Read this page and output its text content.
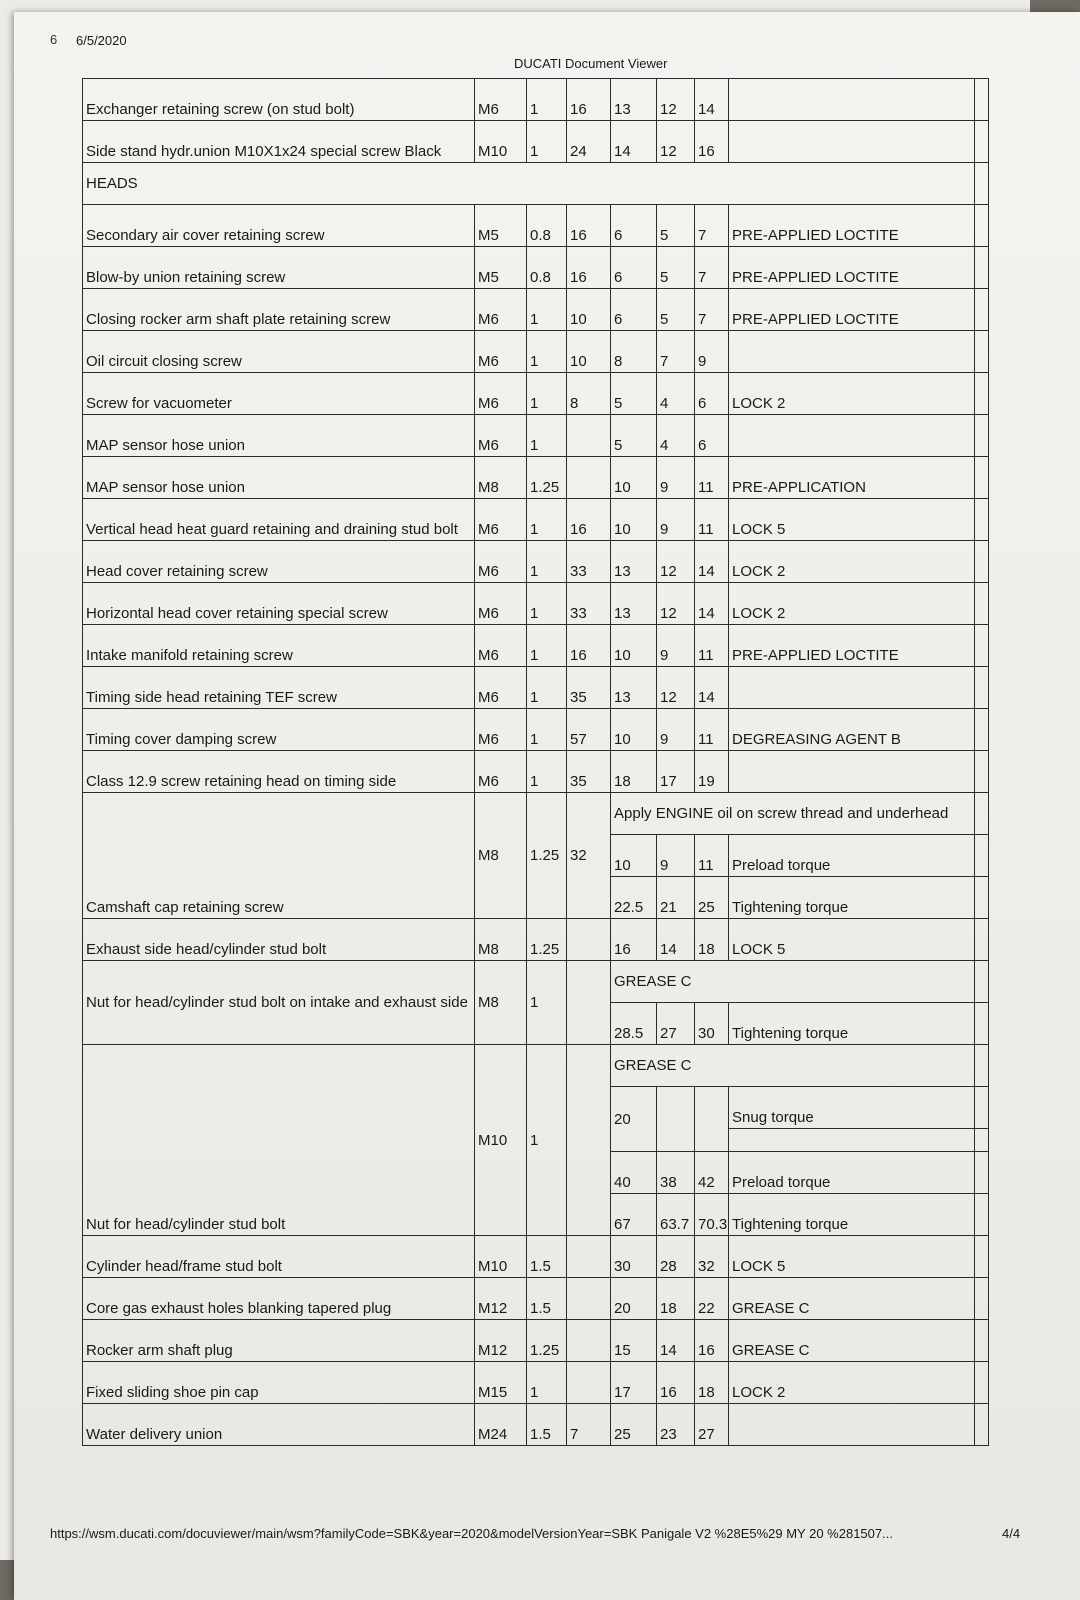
6 6/5/2020
DUCATI Document Viewer
Exchanger retaining screw (on stud bolt)	M6	1	16	13	12	14		
Side stand hydr.union M10X1x24 special screw Black	M10	1	24	14	12	16		
HEADS								
Secondary air cover retaining screw	M5	0.8	16	6	5	7	PRE-APPLIED LOCTITE	
Blow-by union retaining screw	M5	0.8	16	6	5	7	PRE-APPLIED LOCTITE	
Closing rocker arm shaft plate retaining screw	M6	1	10	6	5	7	PRE-APPLIED LOCTITE	
Oil circuit closing screw	M6	1	10	8	7	9		
Screw for vacuometer	M6	1	8	5	4	6	LOCK 2	
MAP sensor hose union	M6	1		5	4	6		
MAP sensor hose union	M8	1.25		10	9	11	PRE-APPLICATION	
Vertical head heat guard retaining and draining stud bolt	M6	1	16	10	9	11	LOCK 5	
Head cover retaining screw	M6	1	33	13	12	14	LOCK 2	
Horizontal head cover retaining special screw	M6	1	33	13	12	14	LOCK 2	
Intake manifold retaining screw	M6	1	16	10	9	11	PRE-APPLIED LOCTITE	
Timing side head retaining TEF screw	M6	1	35	13	12	14		
Timing cover damping screw	M6	1	57	10	9	11	DEGREASING AGENT B	
Class 12.9 screw retaining head on timing side	M6	1	35	18	17	19		
Camshaft cap retaining screw	M8	1.25	32	Apply ENGINE oil on screw thread and underhead				
				10	9	11	Preload torque	
				22.5	21	25	Tightening torque	
Exhaust side head/cylinder stud bolt	M8	1.25		16	14	18	LOCK 5	
Nut for head/cylinder stud bolt on intake and exhaust side	M8	1		GREASE C				
				28.5	27	30	Tightening torque	
Nut for head/cylinder stud bolt	M10	1		GREASE C				
				20			Snug torque	

				40	38	42	Preload torque	
				67	63.7	70.3	Tightening torque	
Cylinder head/frame stud bolt	M10	1.5		30	28	32	LOCK 5	
Core gas exhaust holes blanking tapered plug	M12	1.5		20	18	22	GREASE C	
Rocker arm shaft plug	M12	1.25		15	14	16	GREASE C	
Fixed sliding shoe pin cap	M15	1		17	16	18	LOCK 2	
Water delivery union	M24	1.5	7	25	23	27		
https://wsm.ducati.com/docuviewer/main/wsm?familyCode=SBK&year=2020&modelVersionYear=SBK Panigale V2 %28E5%29 MY 20 %281507...	4/4
